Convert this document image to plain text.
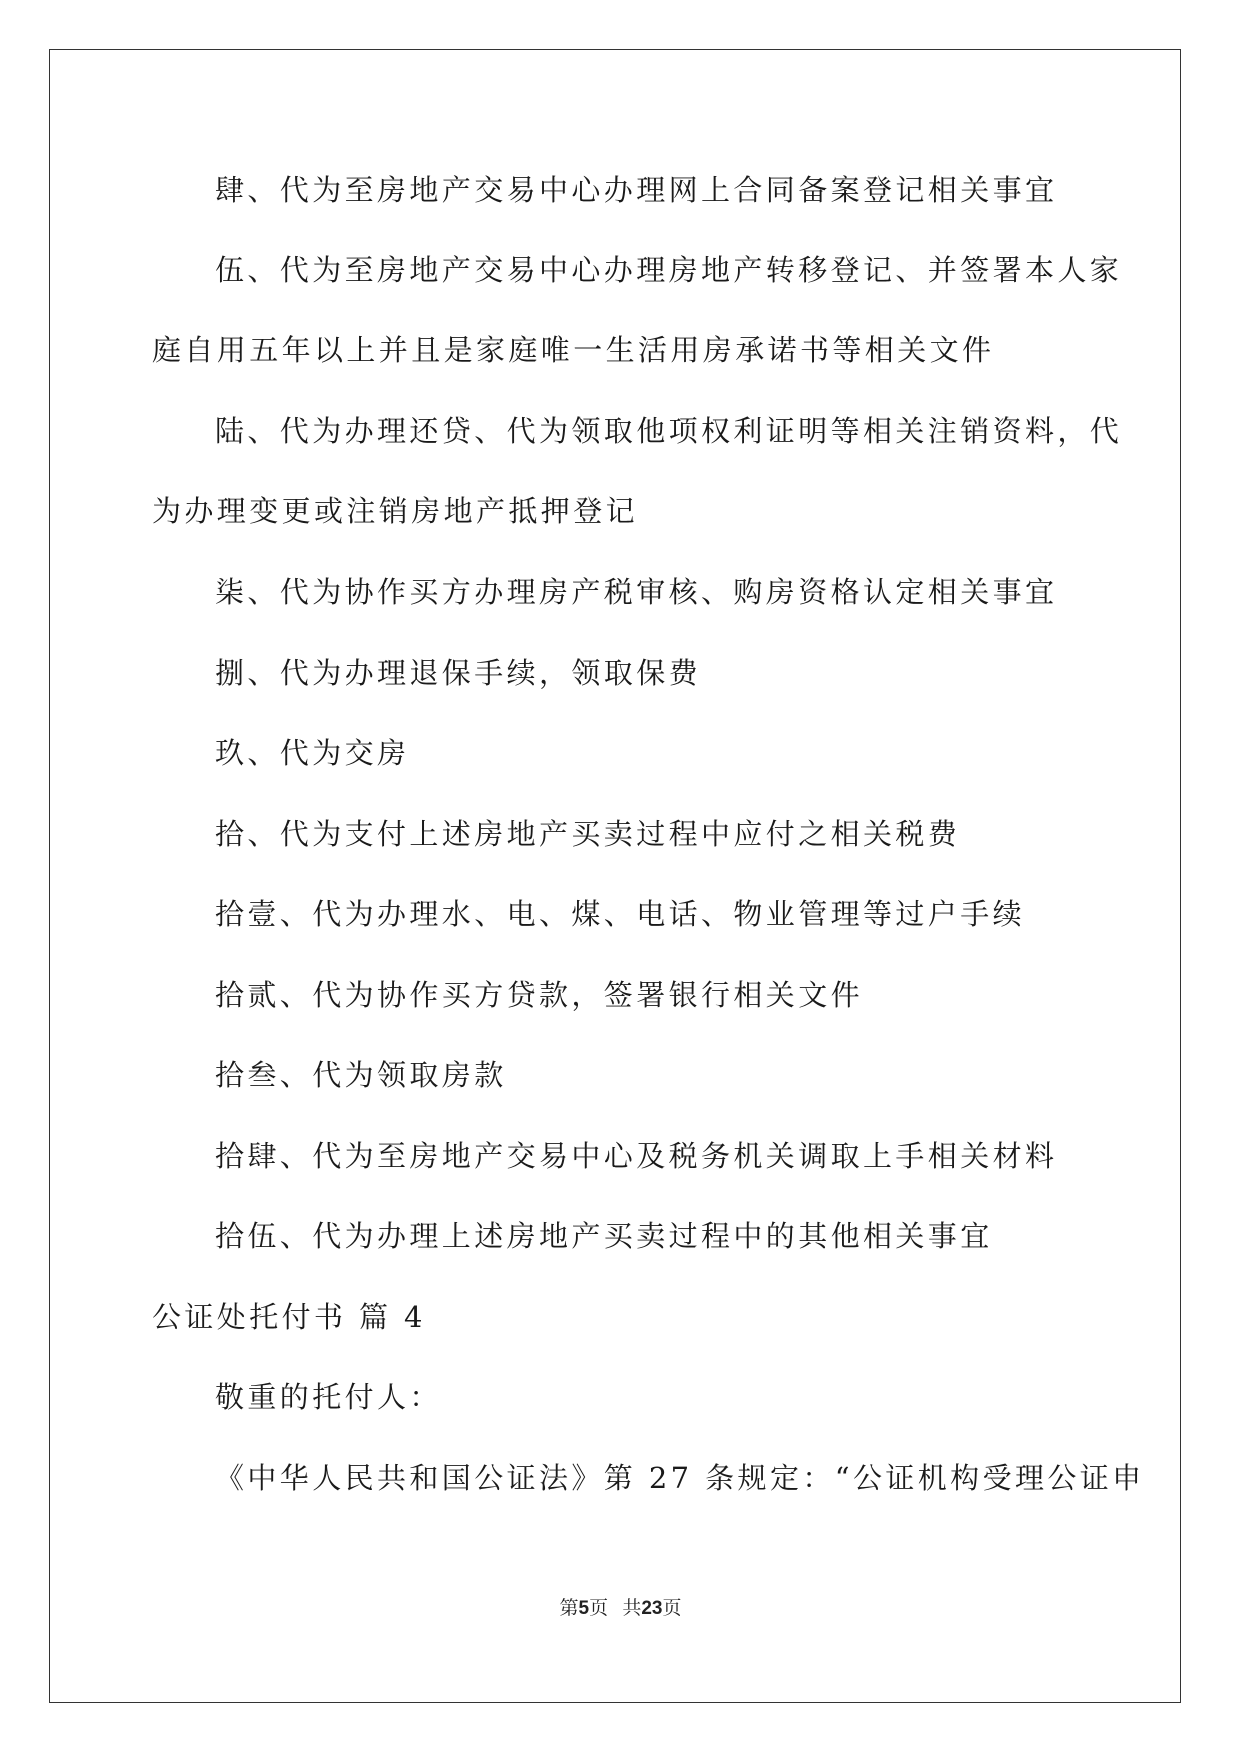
肆、代为至房地产交易中心办理网上合同备案登记相关事宜
伍、代为至房地产交易中心办理房地产转移登记、并签署本人家
庭自用五年以上并且是家庭唯一生活用房承诺书等相关文件
陆、代为办理还贷、代为领取他项权利证明等相关注销资料，代
为办理变更或注销房地产抵押登记
柒、代为协作买方办理房产税审核、购房资格认定相关事宜
捌、代为办理退保手续，领取保费
玖、代为交房
拾、代为支付上述房地产买卖过程中应付之相关税费
拾壹、代为办理水、电、煤、电话、物业管理等过户手续
拾贰、代为协作买方贷款，签署银行相关文件
拾叁、代为领取房款
拾肆、代为至房地产交易中心及税务机关调取上手相关材料
拾伍、代为办理上述房地产买卖过程中的其他相关事宜
公证处托付书 篇 4
敬重的托付人：
《中华人民共和国公证法》第 27 条规定：“公证机构受理公证申
第5页   共23页
